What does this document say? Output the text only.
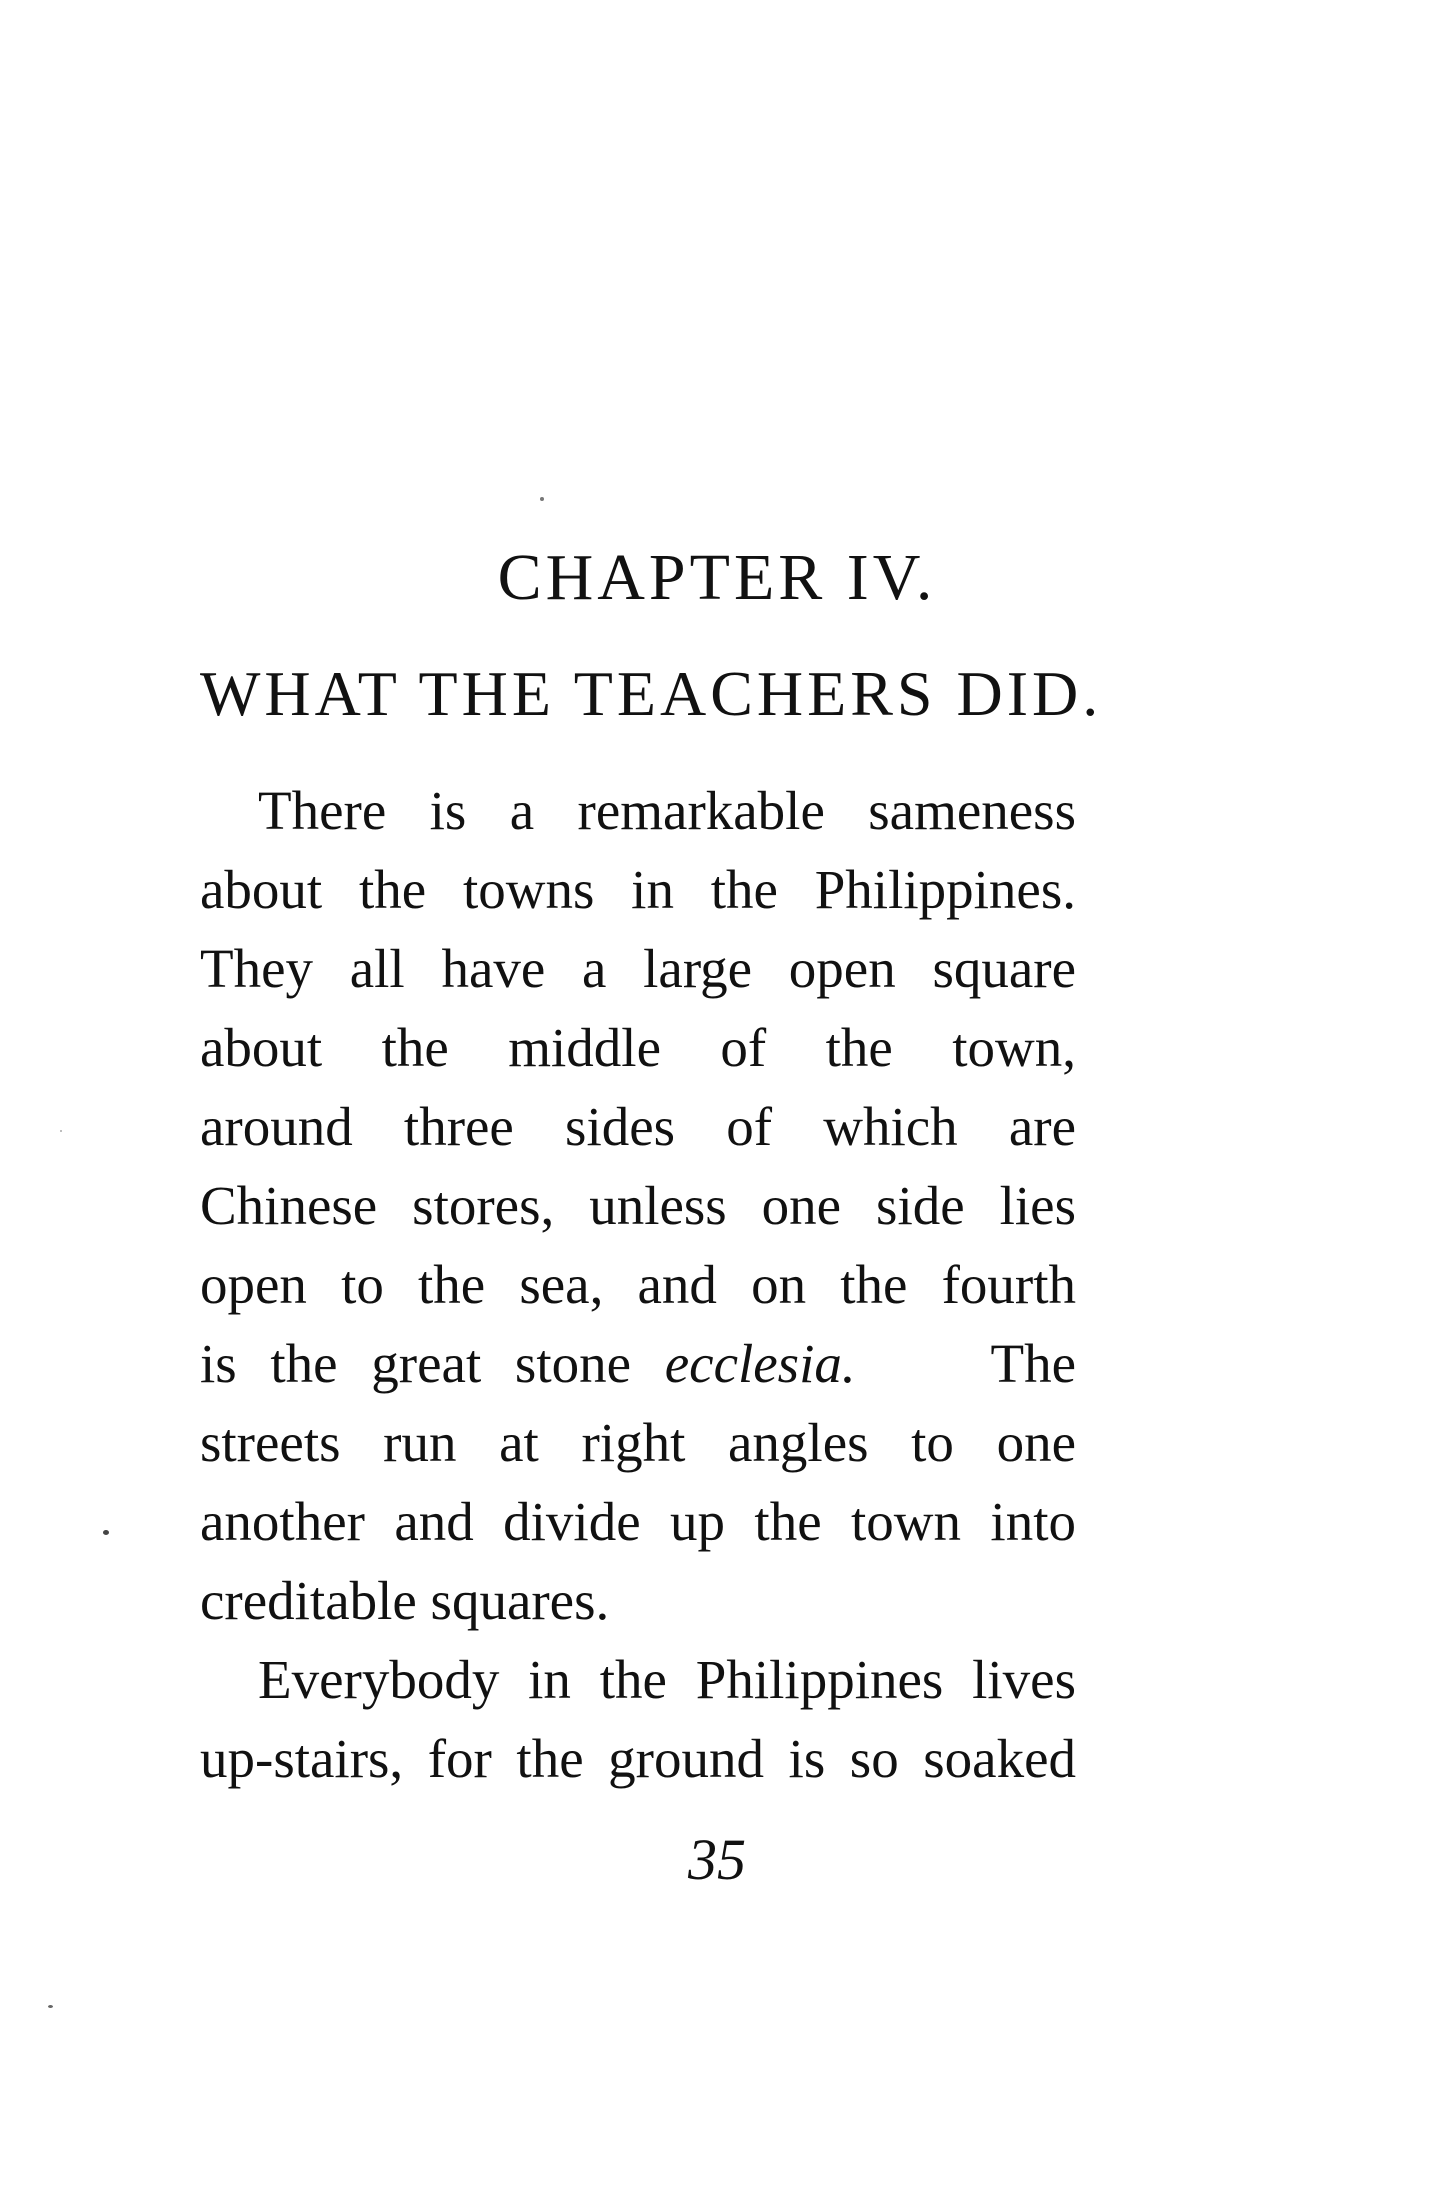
CHAPTER IV.
WHAT THE TEACHERS DID.
There is a remarkable sameness
about the towns in the Philippines.
They all have a large open square
about the middle of the town,
around three sides of which are
Chinese stores, unless one side lies
open to the sea, and on the fourth
is the great stone ecclesia. The
streets run at right angles to one
another and divide up the town into
creditable squares.
Everybody in the Philippines lives
up-stairs, for the ground is so soaked
35
